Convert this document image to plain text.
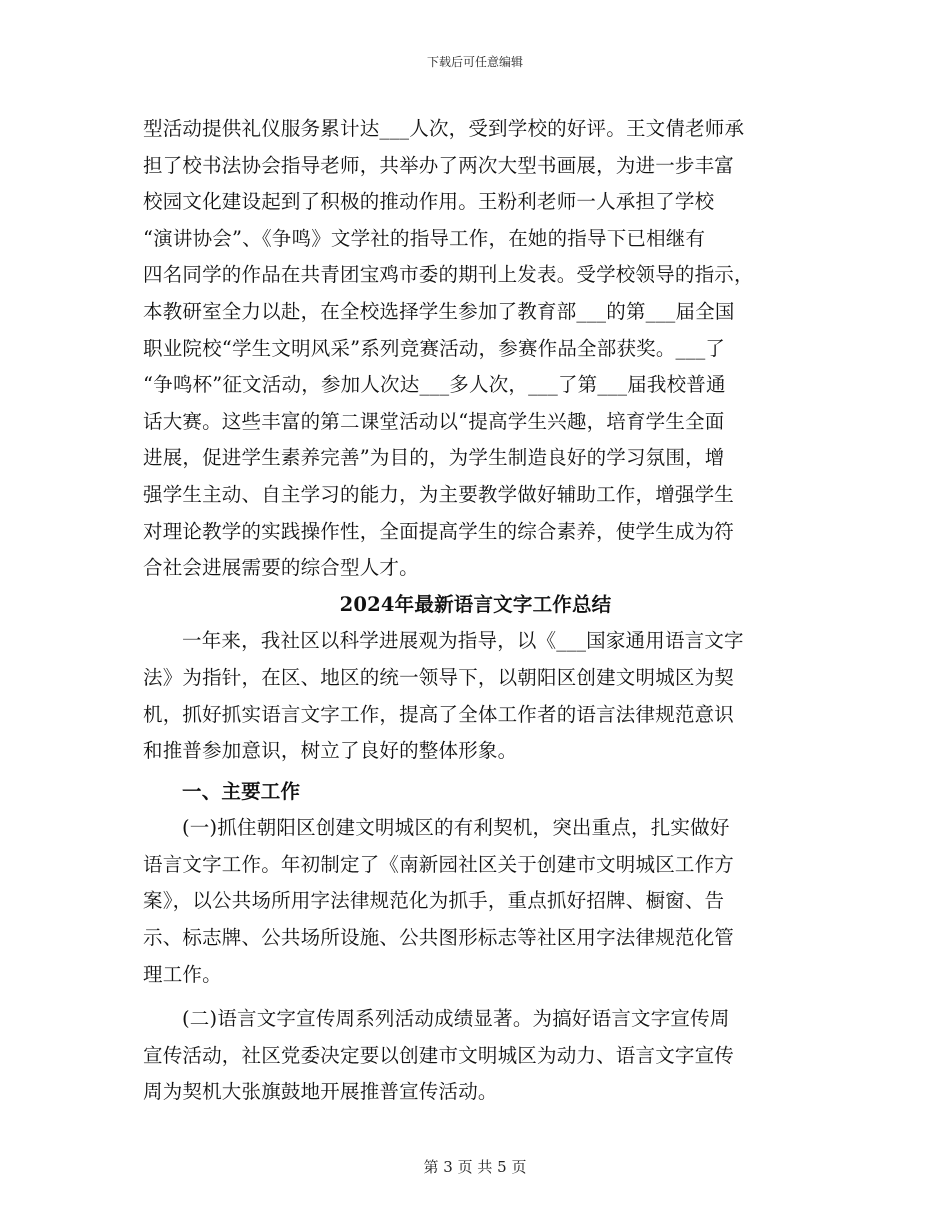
下载后可任意编辑
型活动提供礼仪服务累计达___人次，受到学校的好评。王文倩老师承
担了校书法协会指导老师，共举办了两次大型书画展，为进一步丰富
校园文化建设起到了积极的推动作用。王粉利老师一人承担了学校
“演讲协会”、《争鸣》文学社的指导工作，在她的指导下已相继有
四名同学的作品在共青团宝鸡市委的期刊上发表。受学校领导的指示，
本教研室全力以赴，在全校选择学生参加了教育部___的第___届全国
职业院校“学生文明风采”系列竞赛活动，参赛作品全部获奖。___了
“争鸣杯”征文活动，参加人次达___多人次，___了第___届我校普通
话大赛。这些丰富的第二课堂活动以“提高学生兴趣，培育学生全面
进展，促进学生素养完善”为目的，为学生制造良好的学习氛围，增
强学生主动、自主学习的能力，为主要教学做好辅助工作，增强学生
对理论教学的实践操作性，全面提高学生的综合素养，使学生成为符
合社会进展需要的综合型人才。
2024年最新语言文字工作总结
一年来，我社区以科学进展观为指导，以《___国家通用语言文字
法》为指针，在区、地区的统一领导下，以朝阳区创建文明城区为契
机，抓好抓实语言文字工作，提高了全体工作者的语言法律规范意识
和推普参加意识，树立了良好的整体形象。
一、主要工作
(一)抓住朝阳区创建文明城区的有利契机，突出重点，扎实做好
语言文字工作。年初制定了《南新园社区关于创建市文明城区工作方
案》，以公共场所用字法律规范化为抓手，重点抓好招牌、橱窗、告
示、标志牌、公共场所设施、公共图形标志等社区用字法律规范化管
理工作。
(二)语言文字宣传周系列活动成绩显著。为搞好语言文字宣传周
宣传活动，社区党委决定要以创建市文明城区为动力、语言文字宣传
周为契机大张旗鼓地开展推普宣传活动。
第 3 页 共 5 页
